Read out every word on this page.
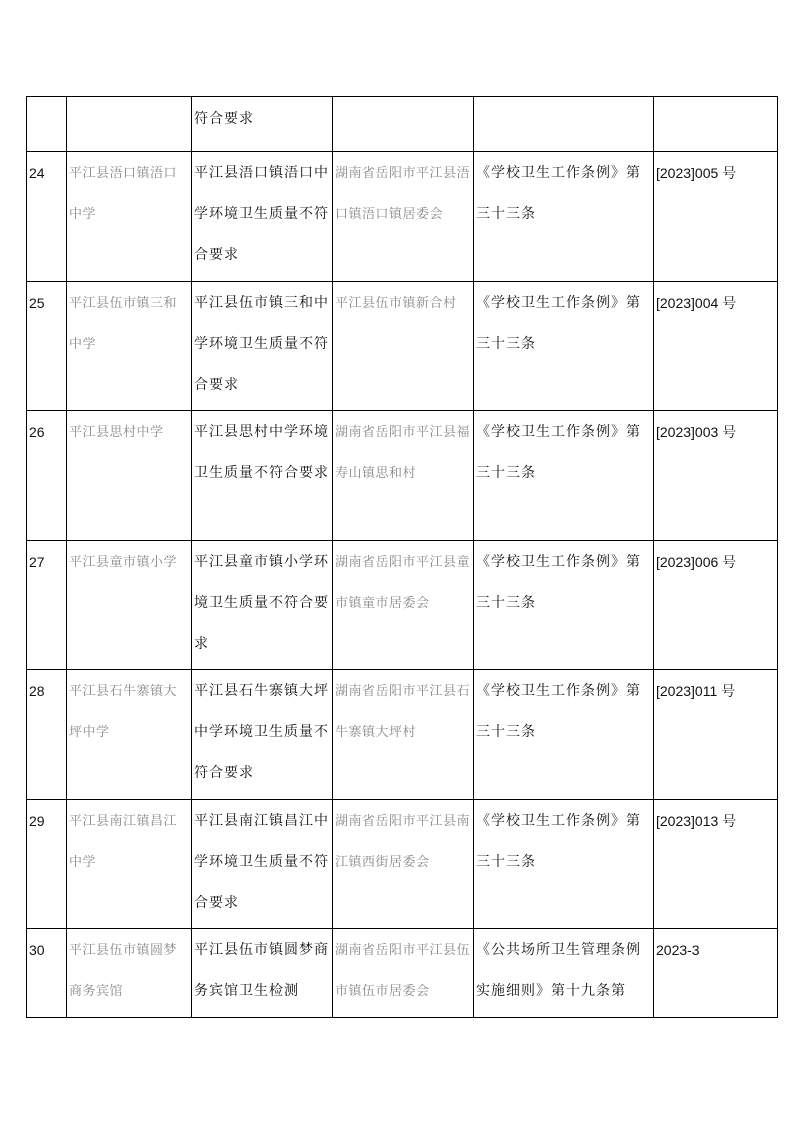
		符合要求			
24	平江县浯口镇浯口中学	平江县浯口镇浯口中学环境卫生质量不符合要求	湖南省岳阳市平江县浯口镇浯口镇居委会	《学校卫生工作条例》第三十三条	[2023]005 号
25	平江县伍市镇三和中学	平江县伍市镇三和中学环境卫生质量不符合要求	平江县伍市镇新合村	《学校卫生工作条例》第三十三条	[2023]004 号
26	平江县思村中学	平江县思村中学环境卫生质量不符合要求	湖南省岳阳市平江县福寿山镇思和村	《学校卫生工作条例》第三十三条	[2023]003 号
27	平江县童市镇小学	平江县童市镇小学环境卫生质量不符合要求	湖南省岳阳市平江县童市镇童市居委会	《学校卫生工作条例》第三十三条	[2023]006 号
28	平江县石牛寨镇大坪中学	平江县石牛寨镇大坪中学环境卫生质量不符合要求	湖南省岳阳市平江县石牛寨镇大坪村	《学校卫生工作条例》第三十三条	[2023]011 号
29	平江县南江镇昌江中学	平江县南江镇昌江中学环境卫生质量不符合要求	湖南省岳阳市平江县南江镇西街居委会	《学校卫生工作条例》第三十三条	[2023]013 号
30	平江县伍市镇圆梦商务宾馆	平江县伍市镇圆梦商务宾馆卫生检测	湖南省岳阳市平江县伍市镇伍市居委会	《公共场所卫生管理条例实施细则》第十九条第	2023-3
